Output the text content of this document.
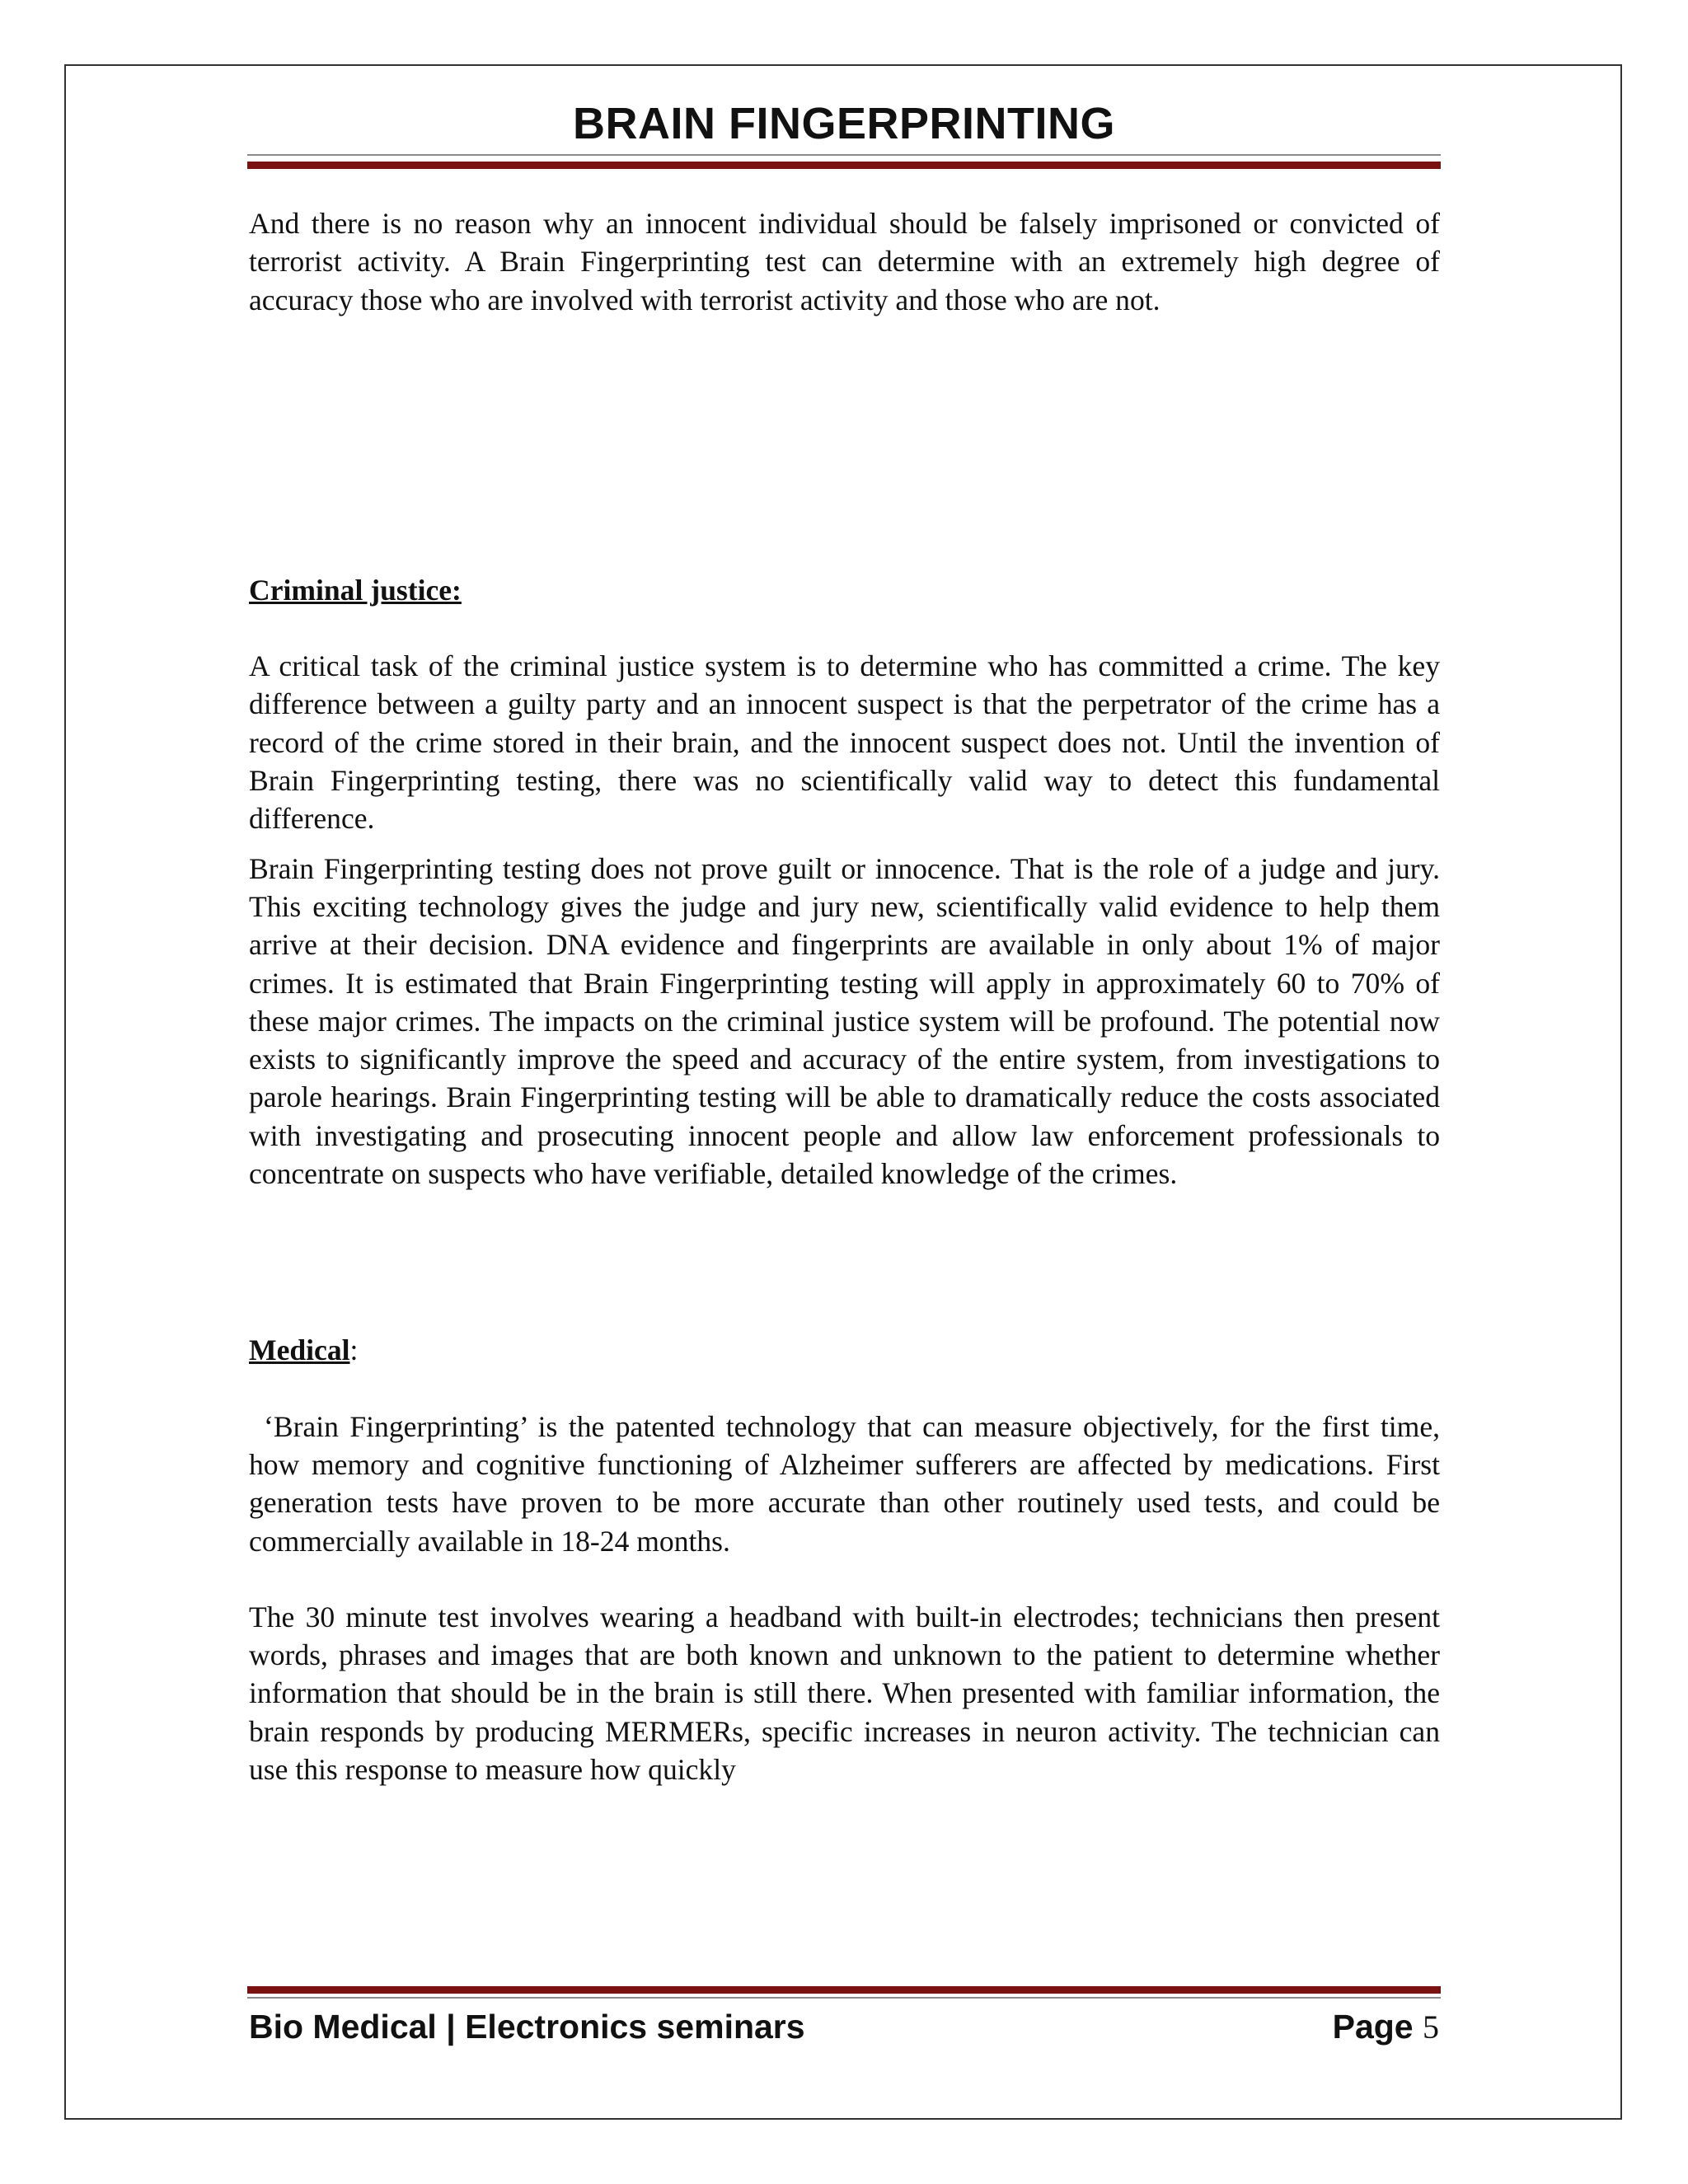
BRAIN FINGERPRINTING

And there is no reason why an innocent individual should be falsely imprisoned or convicted of terrorist activity. A Brain Fingerprinting test can determine with an extremely high degree of accuracy those who are involved with terrorist activity and those who are not.

Criminal justice:

A critical task of the criminal justice system is to determine who has committed a crime. The key difference between a guilty party and an innocent suspect is that the perpetrator of the crime has a record of the crime stored in their brain, and the innocent suspect does not. Until the invention of Brain Fingerprinting testing, there was no scientifically valid way to detect this fundamental difference.

Brain Fingerprinting testing does not prove guilt or innocence. That is the role of a judge and jury. This exciting technology gives the judge and jury new, scientifically valid evidence to help them arrive at their decision. DNA evidence and fingerprints are available in only about 1% of major crimes. It is estimated that Brain Fingerprinting testing will apply in approximately 60 to 70% of these major crimes. The impacts on the criminal justice system will be profound. The potential now exists to significantly improve the speed and accuracy of the entire system, from investigations to parole hearings. Brain Fingerprinting testing will be able to dramatically reduce the costs associated with investigating and prosecuting innocent people and allow law enforcement professionals to concentrate on suspects who have verifiable, detailed knowledge of the crimes.

Medical:

‘Brain Fingerprinting’ is the patented technology that can measure objectively, for the first time, how memory and cognitive functioning of Alzheimer sufferers are affected by medications. First generation tests have proven to be more accurate than other routinely used tests, and could be commercially available in 18-24 months.

The 30 minute test involves wearing a headband with built-in electrodes; technicians then present words, phrases and images that are both known and unknown to the patient to determine whether information that should be in the brain is still there. When presented with familiar information, the brain responds by producing MERMERs, specific increases in neuron activity. The technician can use this response to measure how quickly

Bio Medical | Electronics seminars	Page 5
